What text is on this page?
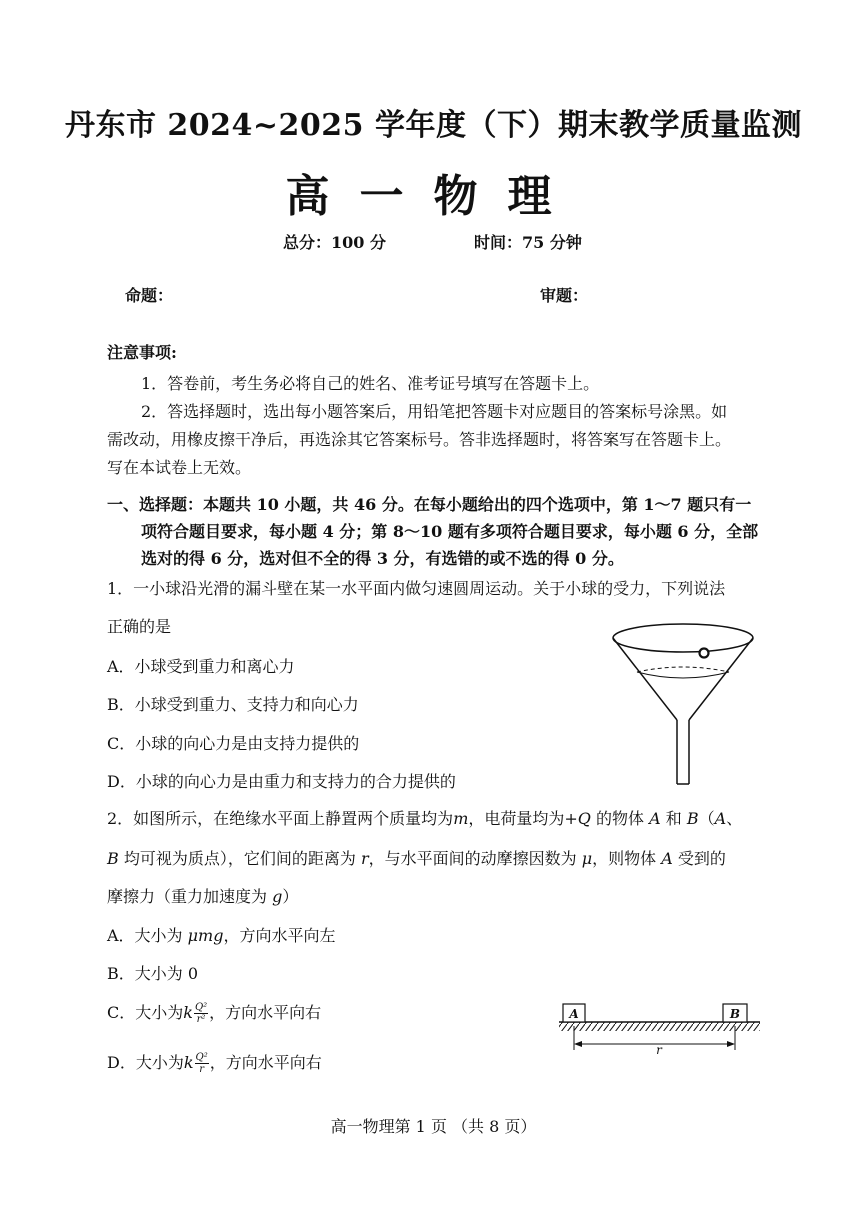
丹东市 2024~2025 学年度（下）期末教学质量监测
高一物理
总分：100 分	时间：75 分钟
命题：	审题：
注意事项:
1．答卷前，考生务必将自己的姓名、准考证号填写在答题卡上。
2．答选择题时，选出每小题答案后，用铅笔把答题卡对应题目的答案标号涂黑。如
需改动，用橡皮擦干净后，再选涂其它答案标号。答非选择题时，将答案写在答题卡上。
写在本试卷上无效。
一、选择题：本题共 10 小题，共 46 分。在每小题给出的四个选项中，第 1～7 题只有一
项符合题目要求，每小题 4 分；第 8～10 题有多项符合题目要求，每小题 6 分，全部
选对的得 6 分，选对但不全的得 3 分，有选错的或不选的得 0 分。
1．一小球沿光滑的漏斗壁在某一水平面内做匀速圆周运动。关于小球的受力，下列说法
正确的是
A．小球受到重力和离心力
B．小球受到重力、支持力和向心力
C．小球的向心力是由支持力提供的
D．小球的向心力是由重力和支持力的合力提供的
2．如图所示，在绝缘水平面上静置两个质量均为m，电荷量均为+Q 的物体 A 和 B（A、
B 均可视为质点），它们间的距离为 r，与水平面间的动摩擦因数为 μ，则物体 A 受到的
摩擦力（重力加速度为 g）
A．大小为 μmg，方向水平向左
B．大小为 0
C．大小为k $\frac{\text{Q²}}{\text{r²}}$ ，方向水平向右
D．大小为k $\frac{\text{Q²}}{r}$ ，方向水平向右
A	B
r
高一物理第 1 页 （共 8 页）
